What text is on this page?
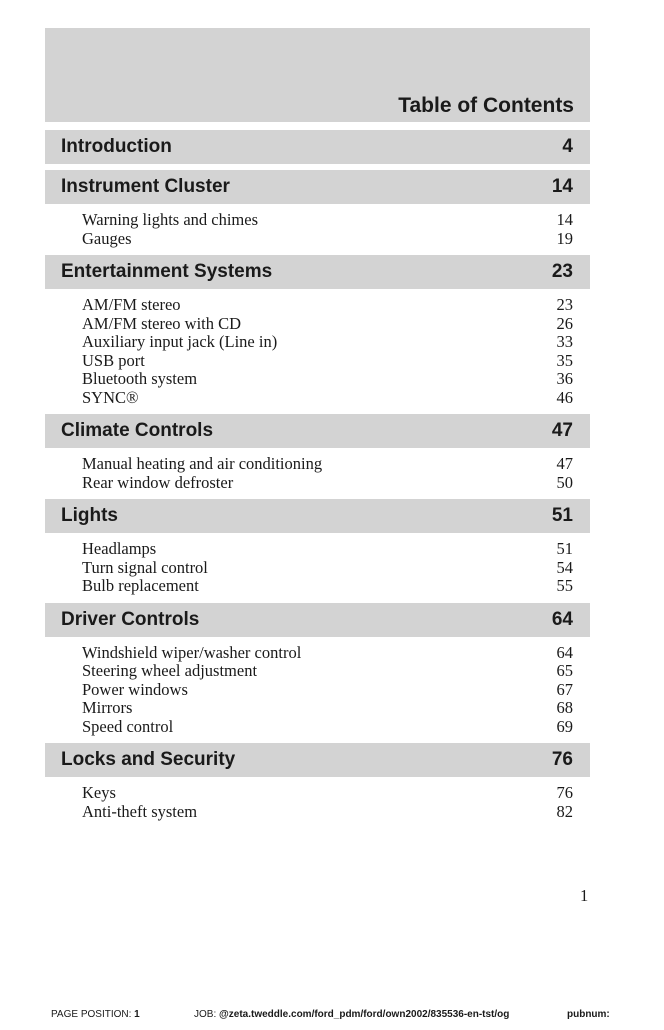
Table of Contents
Introduction	4
Instrument Cluster	14
Warning lights and chimes	14
Gauges	19
Entertainment Systems	23
AM/FM stereo	23
AM/FM stereo with CD	26
Auxiliary input jack (Line in)	33
USB port	35
Bluetooth system	36
SYNC®	46
Climate Controls	47
Manual heating and air conditioning	47
Rear window defroster	50
Lights	51
Headlamps	51
Turn signal control	54
Bulb replacement	55
Driver Controls	64
Windshield wiper/washer control	64
Steering wheel adjustment	65
Power windows	67
Mirrors	68
Speed control	69
Locks and Security	76
Keys	76
Anti-theft system	82
1
PAGE POSITION: 1	JOB: @zeta.tweddle.com/ford_pdm/ford/own2002/835536-en-tst/og	pubnum:
